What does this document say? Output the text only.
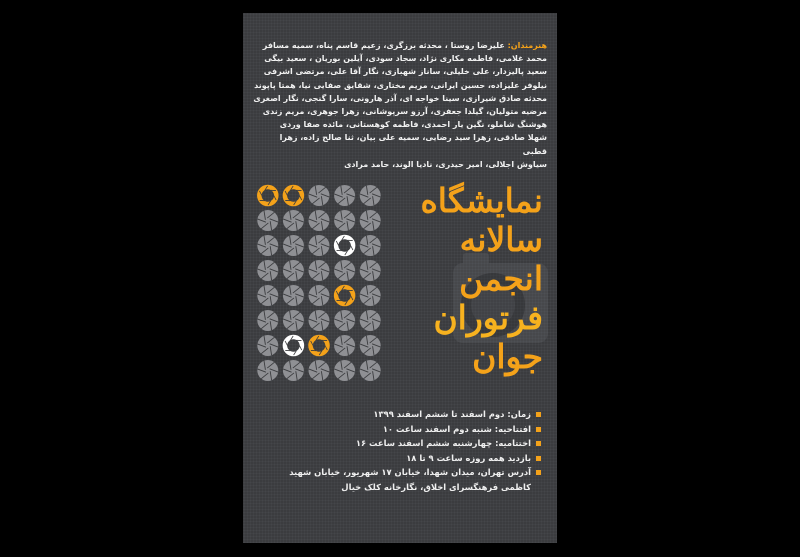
هنرمندان: علیرضا روستا ، محدثه برزگری، زعیم قاسم پناه، سمیه مسافر
محمد غلامی، فاطمه مکاری نژاد، سجاد سودی، آیلین بوریان ، سعید بیگی
سعید پالیزدار، علی خلیلی، ساناز شهبازی، نگار آقا علی، مرتضی اشرفی
نیلوفر علیزاده، حسین ایرانی، مریم مختاری، شقایق صفایی نیا، همتا پاپوند
محدثه صادق شیرازی، سینا خواجه ای، آذر هارونی، سارا گنجی، نگار اصغری
مرضیه متولیان، گیلدا جعفری، آرزو سرپوشانی، زهرا جوهری، مریم زندی
هوشنگ شاملو، نگین یار احمدی، فاطمه کوهستانی، مائده صفا وردی
شهلا صادقی، زهرا سید رضایی، سمیه علی بیان، ثنا صالح زاده، زهرا قطبی
سیاوش اجلالی، امیر حیدری، نادیا الوند، حامد مرادی
نمایشگاه
سالانه
انجمن
فرتوران
جوان
زمان: دوم اسفند تا ششم اسفند ۱۳۹۹
افتتاحیه: شنبه دوم اسفند ساعت ۱۰
اختتامیه: چهارشنبه ششم اسفند ساعت ۱۶
بازدید همه روزه ساعت ۹ تا ۱۸
آدرس تهران، میدان شهدا، خیابان ۱۷ شهریور، خیابان شهید کاظمی فرهنگسرای اخلاق، نگارخانه کلک خیال
